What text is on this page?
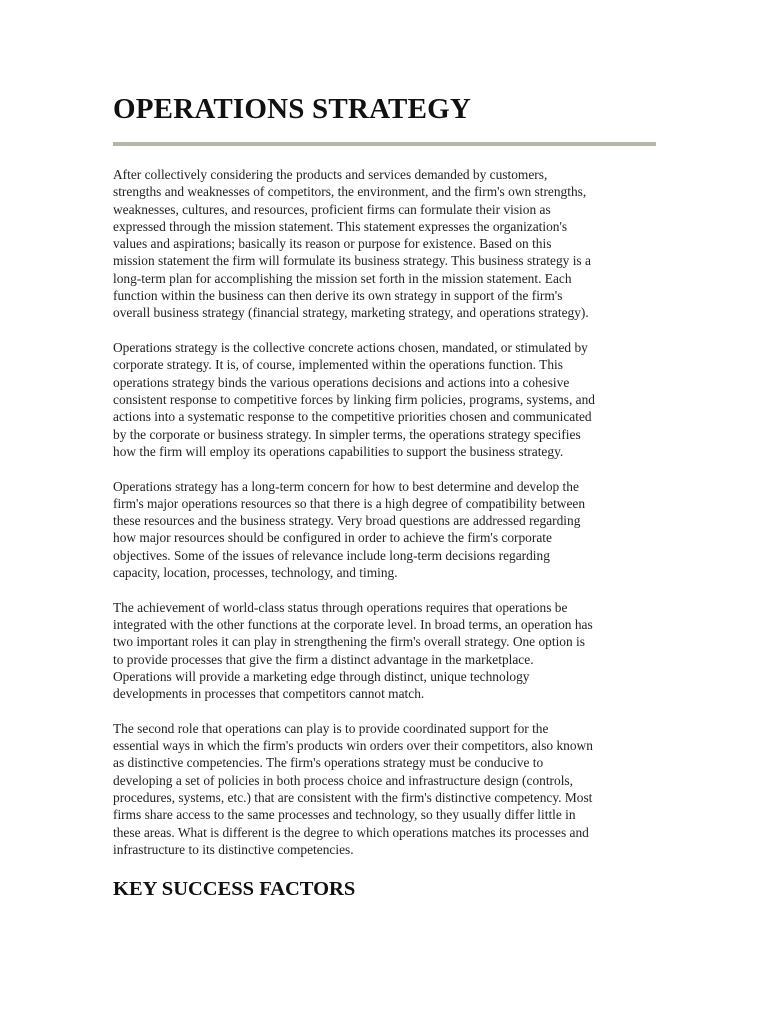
OPERATIONS STRATEGY

After collectively considering the products and services demanded by customers,
strengths and weaknesses of competitors, the environment, and the firm's own strengths,
weaknesses, cultures, and resources, proficient firms can formulate their vision as
expressed through the mission statement. This statement expresses the organization's
values and aspirations; basically its reason or purpose for existence. Based on this
mission statement the firm will formulate its business strategy. This business strategy is a
long-term plan for accomplishing the mission set forth in the mission statement. Each
function within the business can then derive its own strategy in support of the firm's
overall business strategy (financial strategy, marketing strategy, and operations strategy).

Operations strategy is the collective concrete actions chosen, mandated, or stimulated by
corporate strategy. It is, of course, implemented within the operations function. This
operations strategy binds the various operations decisions and actions into a cohesive
consistent response to competitive forces by linking firm policies, programs, systems, and
actions into a systematic response to the competitive priorities chosen and communicated
by the corporate or business strategy. In simpler terms, the operations strategy specifies
how the firm will employ its operations capabilities to support the business strategy.

Operations strategy has a long-term concern for how to best determine and develop the
firm's major operations resources so that there is a high degree of compatibility between
these resources and the business strategy. Very broad questions are addressed regarding
how major resources should be configured in order to achieve the firm's corporate
objectives. Some of the issues of relevance include long-term decisions regarding
capacity, location, processes, technology, and timing.

The achievement of world-class status through operations requires that operations be
integrated with the other functions at the corporate level. In broad terms, an operation has
two important roles it can play in strengthening the firm's overall strategy. One option is
to provide processes that give the firm a distinct advantage in the marketplace.
Operations will provide a marketing edge through distinct, unique technology
developments in processes that competitors cannot match.

The second role that operations can play is to provide coordinated support for the
essential ways in which the firm's products win orders over their competitors, also known
as distinctive competencies. The firm's operations strategy must be conducive to
developing a set of policies in both process choice and infrastructure design (controls,
procedures, systems, etc.) that are consistent with the firm's distinctive competency. Most
firms share access to the same processes and technology, so they usually differ little in
these areas. What is different is the degree to which operations matches its processes and
infrastructure to its distinctive competencies.

KEY SUCCESS FACTORS
